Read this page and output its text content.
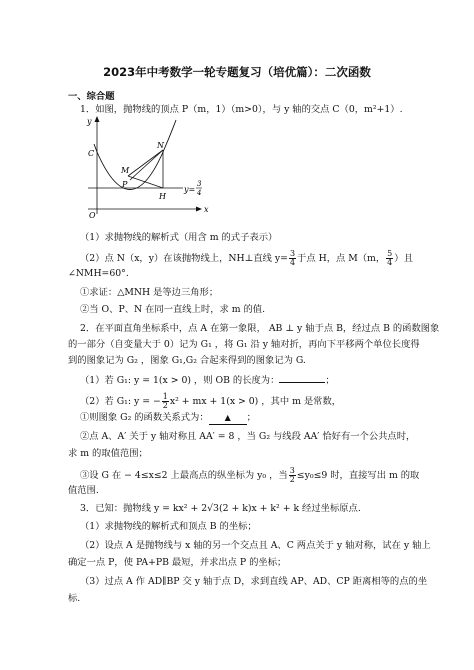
2023年中考数学一轮专题复习（培优篇）：二次函数
一、综合题
1．如图，抛物线的顶点 P（m，1）（m>0），与 y 轴的交点 C（0，m²+1）.
y
x
O
C
N
M
P
H
y=
3
4
（1）求抛物线的解析式（用含 m 的式子表示）
（2）点 N（x，y）在该抛物线上，NH⊥直线 $y= \frac{3}{4}$ 于点 H，点 M（m， $\frac{5}{4}$ ）且
∠NMH=60°.
①求证：△MNH 是等边三角形；
②当 O、P、N 在同一直线上时，求 m 的值.
2．在平面直角坐标系中，点 A 在第一象限， AB ⊥ y 轴于点 B，经过点 B 的函数图象
的一部分（自变量大于 0）记为 G₁ ，将 G₁ 沿 y 轴对折，再向下平移两个单位长度得
到的图象记为 G₂ ，图象 G₁,G₂ 合起来得到的图象记为 G.
（1）若 G₁: y = 1(x > 0) ，则 OB 的长度为：	；
（2）若 G₁: y = − $\frac{1}{2} x^2$ + mx + 1(x > 0) ，其中 m 是常数，
①则图象 G₂ 的函数关系式为： ▲ ；
②点 A、A′ 关于 y 轴对称且 AA′ = 8 ，当 G₂ 与线段 AA′ 恰好有一个公共点时，
求 m 的取值范围；
③设 G 在 − 4≤x≤2 上最高点的纵坐标为 y₀ ，当 $\frac{3}{2} \le y_0\le 9$ 时，直接写出 m 的取
值范围.
3．已知：抛物线 y = kx² + 2√3(2 + k)x + k² + k 经过坐标原点.
（1）求抛物线的解析式和顶点 B 的坐标；
（2）设点 A 是抛物线与 x 轴的另一个交点且 A、C 两点关于 y 轴对称，试在 y 轴上
确定一点 P，使 PA+PB 最短，并求出点 P 的坐标；
（3）过点 A 作 AD∥BP 交 y 轴于点 D，求到直线 AP、AD、CP 距离相等的点的坐
标.
